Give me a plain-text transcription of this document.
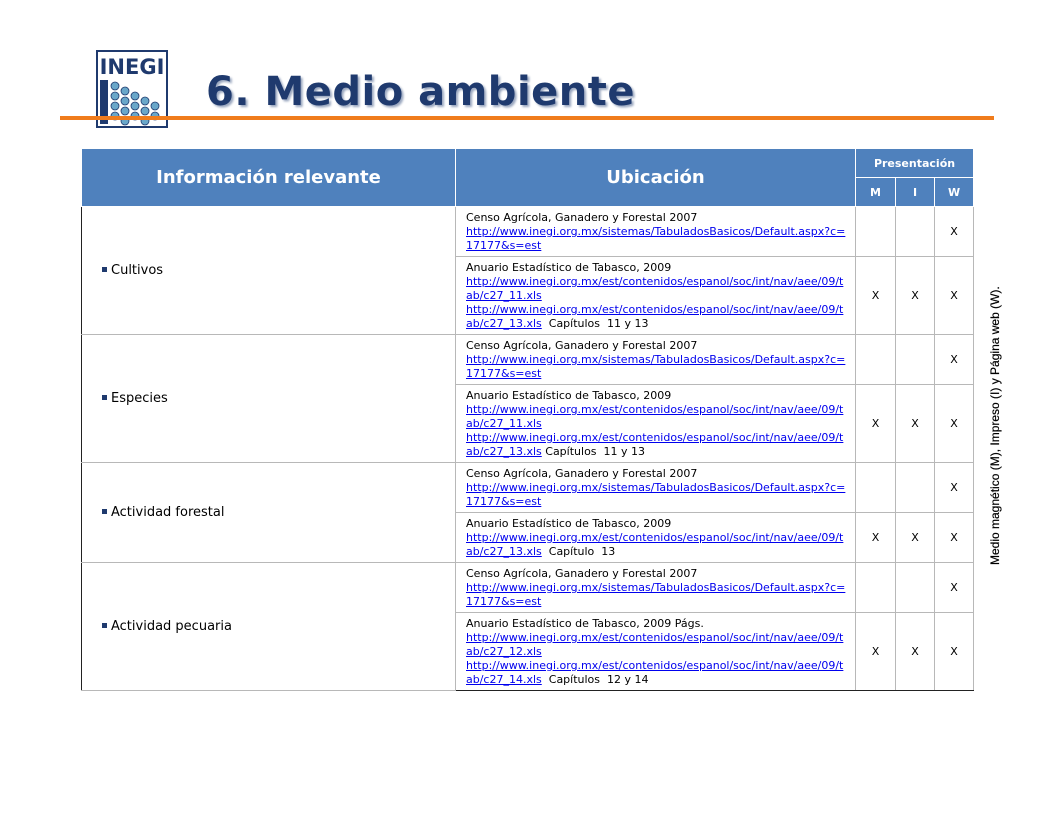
INEGI
6. Medio ambiente
Información relevante	Ubicación	Presentación		
		M	I	W
Cultivos	Censo Agrícola, Ganadero y Forestal 2007
http://www.inegi.org.mx/sistemas/TabuladosBasicos/Default.aspx?c=17177&s=est			X

	Anuario Estadístico de Tabasco, 2009
http://www.inegi.org.mx/est/contenidos/espanol/soc/int/nav/aee/09/tab/c27_11.xls
http://www.inegi.org.mx/est/contenidos/espanol/soc/int/nav/aee/09/tab/c27_13.xls  Capítulos  11 y 13	X	X	X
Especies	Censo Agrícola, Ganadero y Forestal 2007
http://www.inegi.org.mx/sistemas/TabuladosBasicos/Default.aspx?c=17177&s=est			X

	Anuario Estadístico de Tabasco, 2009
http://www.inegi.org.mx/est/contenidos/espanol/soc/int/nav/aee/09/tab/c27_11.xls
http://www.inegi.org.mx/est/contenidos/espanol/soc/int/nav/aee/09/tab/c27_13.xls Capítulos  11 y 13	X	X	X
Actividad forestal	Censo Agrícola, Ganadero y Forestal 2007
http://www.inegi.org.mx/sistemas/TabuladosBasicos/Default.aspx?c=17177&s=est			X

	Anuario Estadístico de Tabasco, 2009
http://www.inegi.org.mx/est/contenidos/espanol/soc/int/nav/aee/09/tab/c27_13.xls  Capítulo  13	X	X	X
Actividad pecuaria	Censo Agrícola, Ganadero y Forestal 2007
http://www.inegi.org.mx/sistemas/TabuladosBasicos/Default.aspx?c=17177&s=est			X

	Anuario Estadístico de Tabasco, 2009 Págs.
http://www.inegi.org.mx/est/contenidos/espanol/soc/int/nav/aee/09/tab/c27_12.xls
http://www.inegi.org.mx/est/contenidos/espanol/soc/int/nav/aee/09/tab/c27_14.xls  Capítulos  12 y 14	X	X	X
Medio magnético (M), Impreso (I) y Página web (W).
